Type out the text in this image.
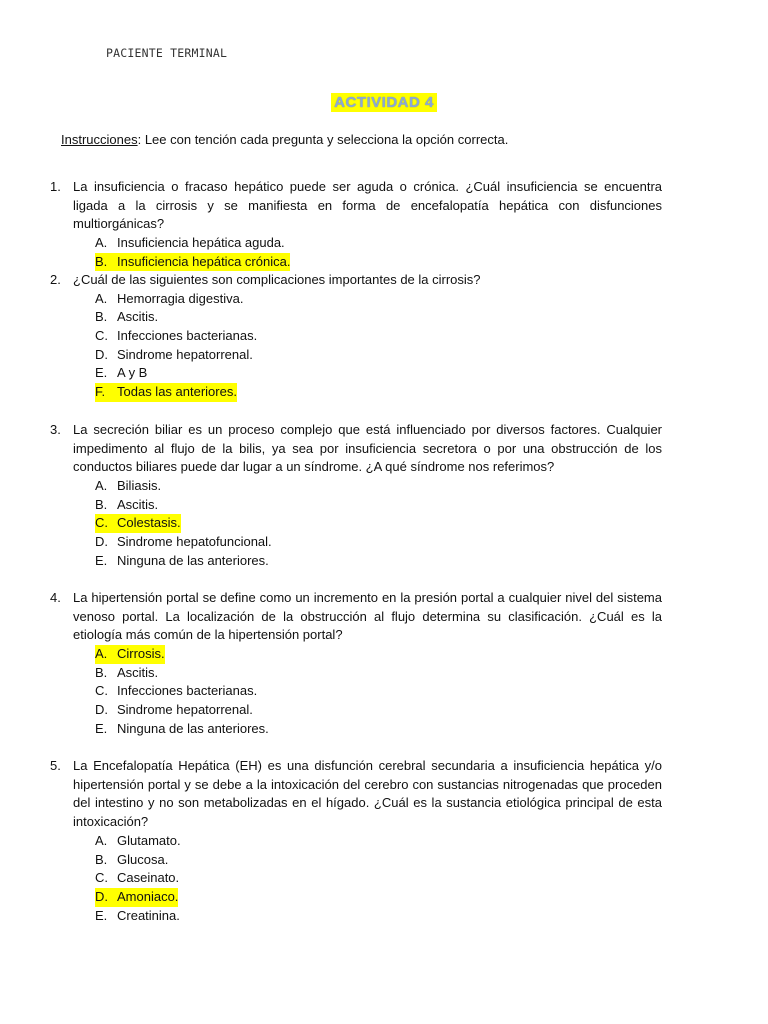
PACIENTE TERMINAL
ACTIVIDAD 4
Instrucciones: Lee con tención cada pregunta y selecciona la opción correcta.
1. La insuficiencia o fracaso hepático puede ser aguda o crónica. ¿Cuál insuficiencia se encuentra ligada a la cirrosis y se manifiesta en forma de encefalopatía hepática con disfunciones multiorgánicas?
A. Insuficiencia hepática aguda.
B. Insuficiencia hepática crónica.
2. ¿Cuál de las siguientes son complicaciones importantes de la cirrosis?
A. Hemorragia digestiva.
B. Ascitis.
C. Infecciones bacterianas.
D. Sindrome hepatorrenal.
E. A y B
F. Todas las anteriores.
3. La secreción biliar es un proceso complejo que está influenciado por diversos factores. Cualquier impedimento al flujo de la bilis, ya sea por insuficiencia secretora o por una obstrucción de los conductos biliares puede dar lugar a un síndrome. ¿A qué síndrome nos referimos?
A. Biliasis.
B. Ascitis.
C. Colestasis.
D. Sindrome hepatofuncional.
E. Ninguna de las anteriores.
4. La hipertensión portal se define como un incremento en la presión portal a cualquier nivel del sistema venoso portal. La localización de la obstrucción al flujo determina su clasificación. ¿Cuál es la etiología más común de la hipertensión portal?
A. Cirrosis.
B. Ascitis.
C. Infecciones bacterianas.
D. Sindrome hepatorrenal.
E. Ninguna de las anteriores.
5. La Encefalopatía Hepática (EH) es una disfunción cerebral secundaria a insuficiencia hepática y/o hipertensión portal y se debe a la intoxicación del cerebro con sustancias nitrogenadas que proceden del intestino y no son metabolizadas en el hígado. ¿Cuál es la sustancia etiológica principal de esta intoxicación?
A. Glutamato.
B. Glucosa.
C. Caseinato.
D. Amoniaco.
E. Creatinina.
